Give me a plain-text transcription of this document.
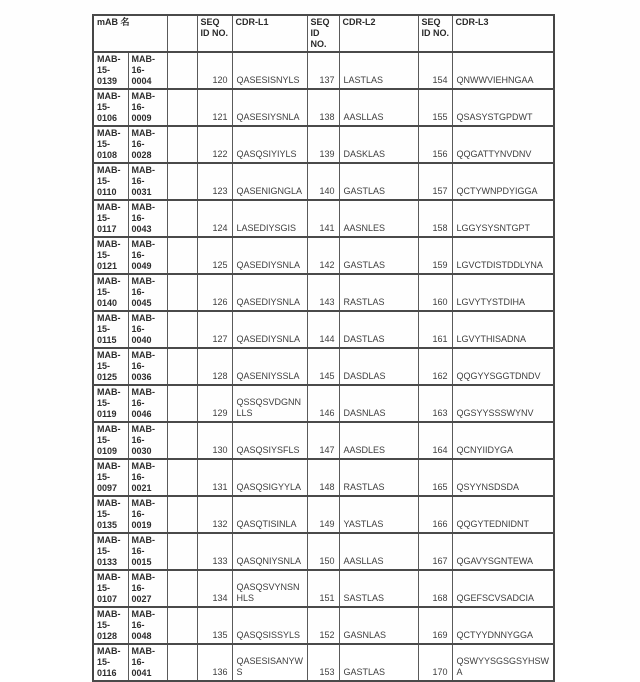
mAB 名			SEQ ID NO.	CDR-L1	SEQ ID NO.	CDR-L2	SEQ ID NO.	CDR-L3
MAB-15-0139	MAB-16-0004		120	QASESISNYLS	137	LASTLAS	154	QNWWVIEHNGAA
MAB-15-0106	MAB-16-0009		121	QASESIYSNLA	138	AASLLAS	155	QSASYSTGPDWT
MAB-15-0108	MAB-16-0028		122	QASQSIYIYLS	139	DASKLAS	156	QQGATTYNVDNV
MAB-15-0110	MAB-16-0031		123	QASENIGNGLA	140	GASTLAS	157	QCTYWNPDYIGGA
MAB-15-0117	MAB-16-0043		124	LASEDIYSGIS	141	AASNLES	158	LGGYSYSNTGPT
MAB-15-0121	MAB-16-0049		125	QASEDIYSNLA	142	GASTLAS	159	LGVCTDISTDDLYNA
MAB-15-0140	MAB-16-0045		126	QASEDIYSNLA	143	RASTLAS	160	LGVYTYSTDIHA
MAB-15-0115	MAB-16-0040		127	QASEDIYSNLA	144	DASTLAS	161	LGVYTHISADNA
MAB-15-0125	MAB-16-0036		128	QASENIYSSLA	145	DASDLAS	162	QQGYYSGGTDNDV
MAB-15-0119	MAB-16-0046		129	QSSQSVDGNNLLS	146	DASNLAS	163	QGSYYSSSWYNV
MAB-15-0109	MAB-16-0030		130	QASQSIYSFLS	147	AASDLES	164	QCNYIIDYGA
MAB-15-0097	MAB-16-0021		131	QASQSIGYYLA	148	RASTLAS	165	QSYYNSDSDA
MAB-15-0135	MAB-16-0019		132	QASQTISINLA	149	YASTLAS	166	QQGYTEDNIDNT
MAB-15-0133	MAB-16-0015		133	QASQNIYSNLA	150	AASLLAS	167	QGAVYSGNTEWA
MAB-15-0107	MAB-16-0027		134	QASQSVYNSNHLS	151	SASTLAS	168	QGEFSCVSADCIA
MAB-15-0128	MAB-16-0048		135	QASQSISSYLS	152	GASNLAS	169	QCTYYDNNYGGA
MAB-15-0116	MAB-16-0041		136	QASESISANYWS	153	GASTLAS	170	QSWYYSGSGSYHSWA
